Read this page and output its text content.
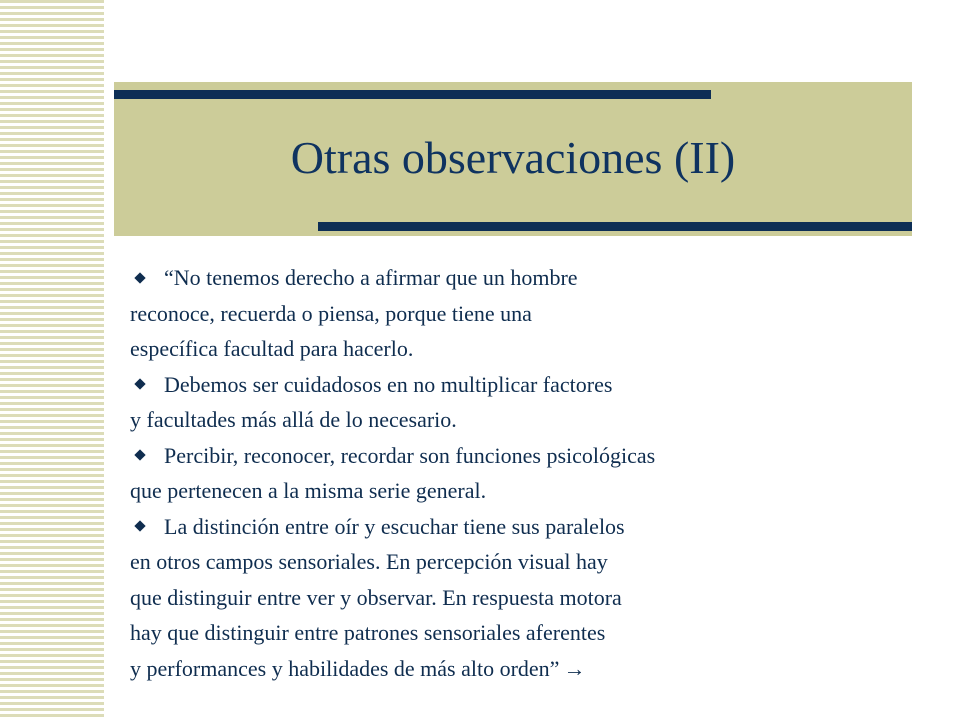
Otras observaciones (II)
“No tenemos derecho a afirmar que un hombre
reconoce, recuerda o piensa, porque tiene una
específica facultad para hacerlo.
Debemos ser cuidadosos en no multiplicar factores
y facultades más allá de lo necesario.
Percibir, reconocer, recordar son funciones psicológicas
que pertenecen a la misma serie general.
La distinción entre oír y escuchar tiene sus paralelos
en otros campos sensoriales. En percepción visual hay
que distinguir entre ver y observar. En respuesta motora
hay que distinguir entre patrones sensoriales aferentes
y performances y habilidades de más alto orden” →
